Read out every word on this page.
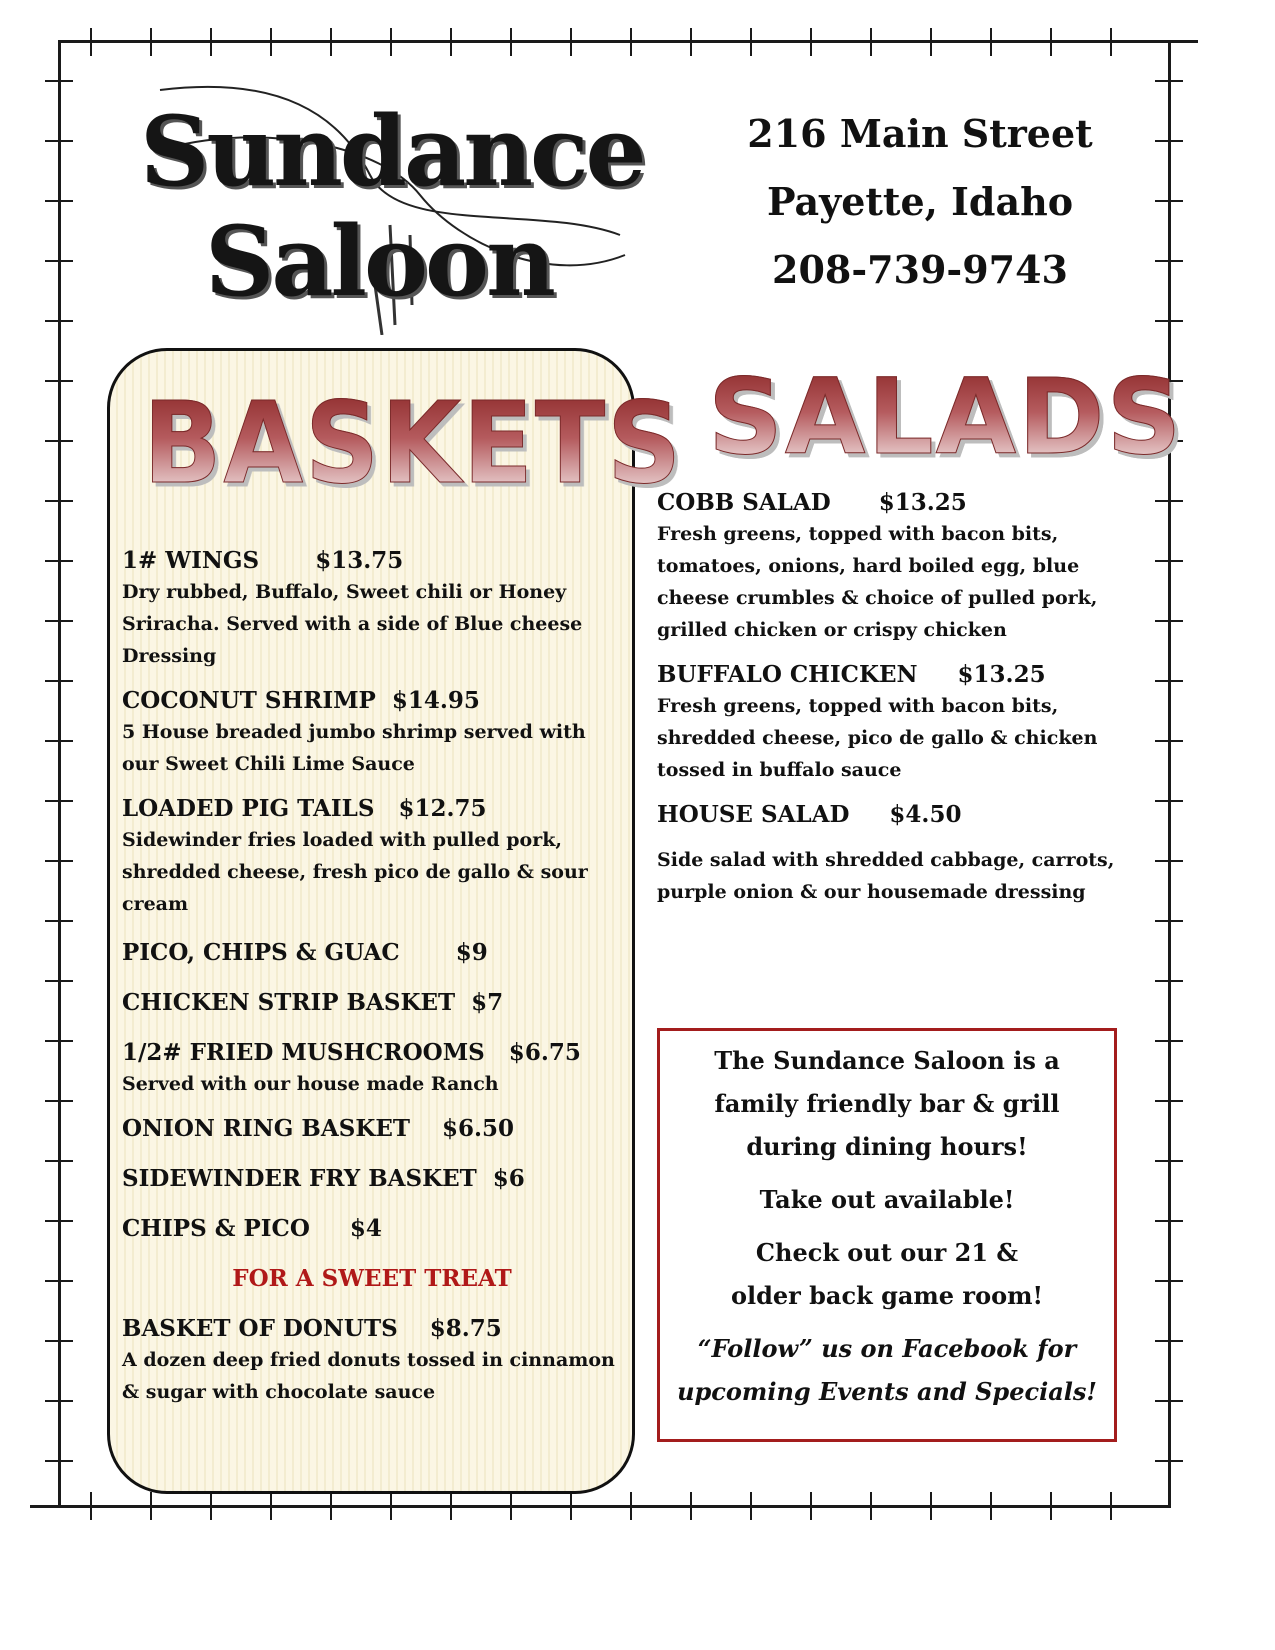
Sundance
Saloon
216 Main Street
Payette, Idaho
208-739-9743
BASKETS
1# WINGS       $13.75
Dry rubbed, Buffalo, Sweet chili or Honey Sriracha. Served with a side of Blue cheese Dressing
COCONUT SHRIMP  $14.95
5 House breaded jumbo shrimp served with our Sweet Chili Lime Sauce
LOADED PIG TAILS   $12.75
Sidewinder fries loaded with pulled pork, shredded cheese, fresh pico de gallo & sour cream
PICO, CHIPS & GUAC       $9
CHICKEN STRIP BASKET  $7
1/2# FRIED MUSHCROOMS   $6.75
Served with our house made Ranch
ONION RING BASKET    $6.50
SIDEWINDER FRY BASKET  $6
CHIPS & PICO     $4
FOR A SWEET TREAT
BASKET OF DONUTS    $8.75
A dozen deep fried donuts tossed in cinnamon & sugar with chocolate sauce
SALADS
COBB SALAD      $13.25
Fresh greens, topped with bacon bits, tomatoes, onions, hard boiled egg, blue cheese crumbles & choice of pulled pork, grilled chicken or crispy chicken
BUFFALO CHICKEN     $13.25
Fresh greens, topped with bacon bits, shredded cheese, pico de gallo & chicken tossed in buffalo sauce
HOUSE SALAD     $4.50
Side salad with shredded cabbage, carrots, purple onion & our housemade dressing
The Sundance Saloon is a family friendly bar & grill during dining hours!
Take out available!
Check out our 21 & older back game room!
“Follow” us on Facebook for upcoming Events and Specials!
